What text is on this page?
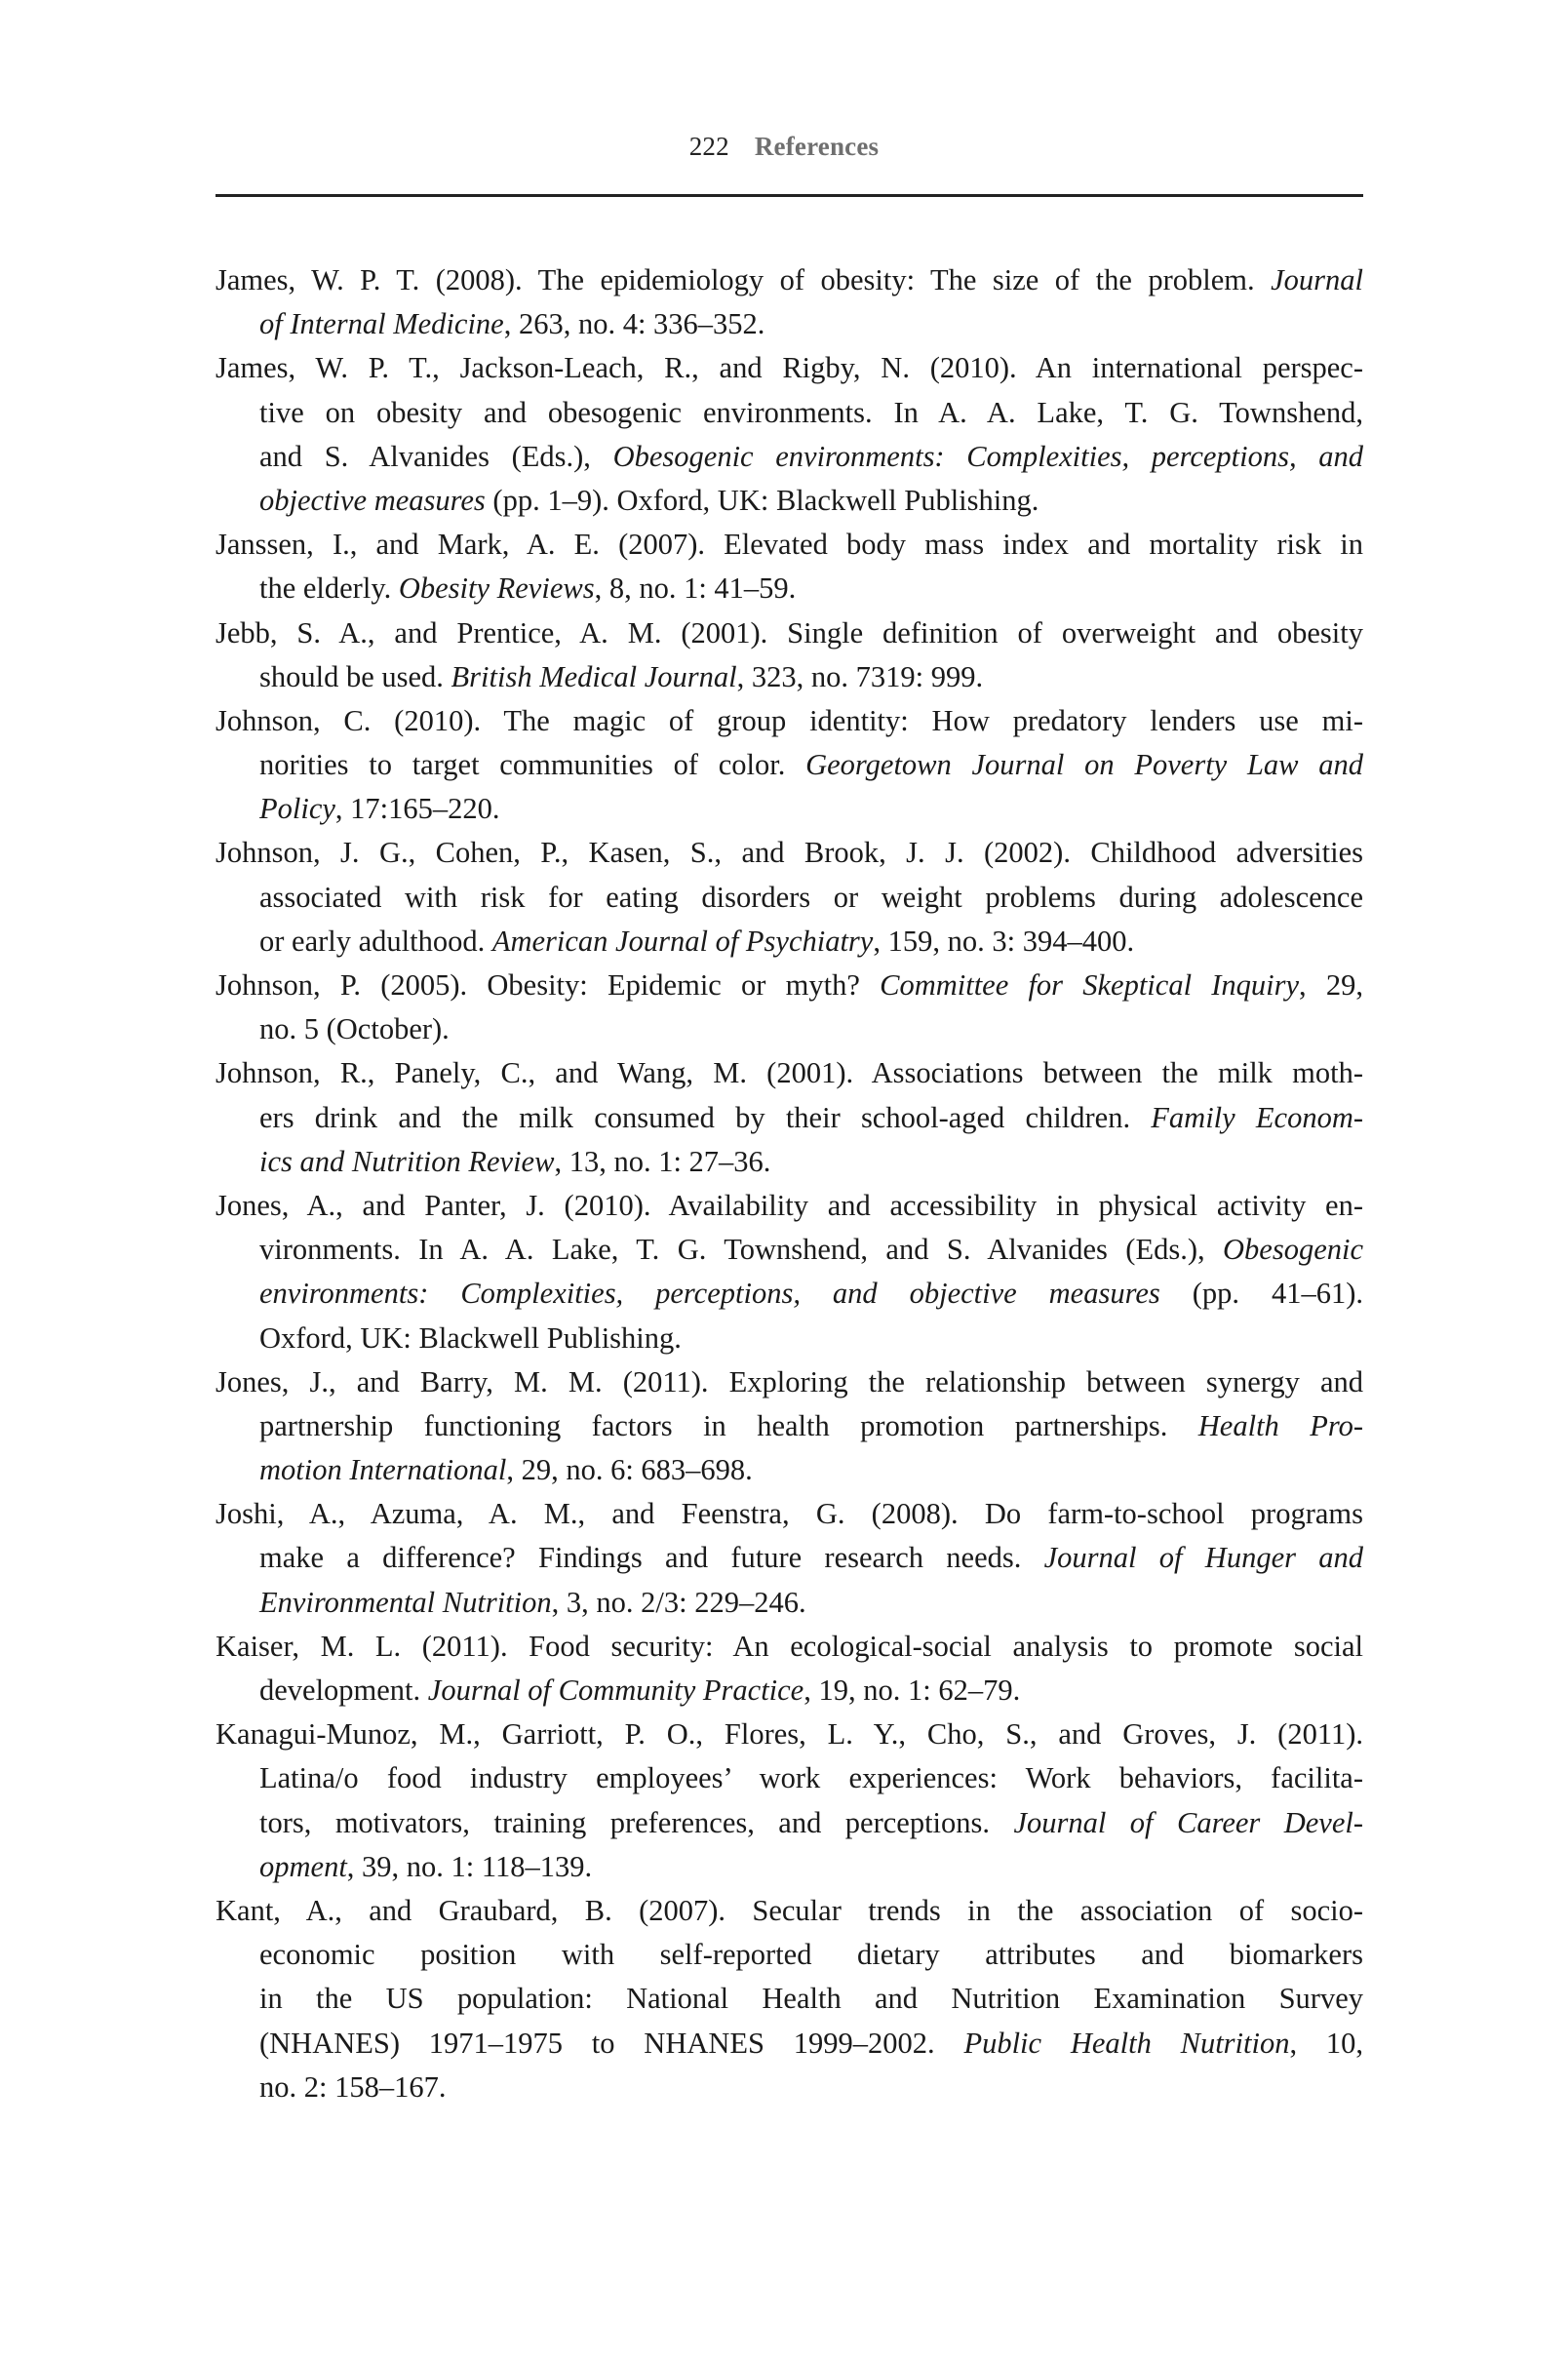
222 References
James, W. P. T. (2008). The epidemiology of obesity: The size of the problem. Journal
of Internal Medicine, 263, no. 4: 336–352.
James, W. P. T., Jackson-Leach, R., and Rigby, N. (2010). An international perspec-
tive on obesity and obesogenic environments. In A. A. Lake, T. G. Townshend,
and S. Alvanides (Eds.), Obesogenic environments: Complexities, perceptions, and
objective measures (pp. 1–9). Oxford, UK: Blackwell Publishing.
Janssen, I., and Mark, A. E. (2007). Elevated body mass index and mortality risk in
the elderly. Obesity Reviews, 8, no. 1: 41–59.
Jebb, S. A., and Prentice, A. M. (2001). Single definition of overweight and obesity
should be used. British Medical Journal, 323, no. 7319: 999.
Johnson, C. (2010). The magic of group identity: How predatory lenders use mi-
norities to target communities of color. Georgetown Journal on Poverty Law and
Policy, 17:165–220.
Johnson, J. G., Cohen, P., Kasen, S., and Brook, J. J. (2002). Childhood adversities
associated with risk for eating disorders or weight problems during adolescence
or early adulthood. American Journal of Psychiatry, 159, no. 3: 394–400.
Johnson, P. (2005). Obesity: Epidemic or myth? Committee for Skeptical Inquiry, 29,
no. 5 (October).
Johnson, R., Panely, C., and Wang, M. (2001). Associations between the milk moth-
ers drink and the milk consumed by their school-aged children. Family Econom-
ics and Nutrition Review, 13, no. 1: 27–36.
Jones, A., and Panter, J. (2010). Availability and accessibility in physical activity en-
vironments. In A. A. Lake, T. G. Townshend, and S. Alvanides (Eds.), Obesogenic
environments: Complexities, perceptions, and objective measures (pp. 41–61).
Oxford, UK: Blackwell Publishing.
Jones, J., and Barry, M. M. (2011). Exploring the relationship between synergy and
partnership functioning factors in health promotion partnerships. Health Pro-
motion International, 29, no. 6: 683–698.
Joshi, A., Azuma, A. M., and Feenstra, G. (2008). Do farm-to-school programs
make a difference? Findings and future research needs. Journal of Hunger and
Environmental Nutrition, 3, no. 2/3: 229–246.
Kaiser, M. L. (2011). Food security: An ecological-social analysis to promote social
development. Journal of Community Practice, 19, no. 1: 62–79.
Kanagui-Munoz, M., Garriott, P. O., Flores, L. Y., Cho, S., and Groves, J. (2011).
Latina/o food industry employees’ work experiences: Work behaviors, facilita-
tors, motivators, training preferences, and perceptions. Journal of Career Devel-
opment, 39, no. 1: 118–139.
Kant, A., and Graubard, B. (2007). Secular trends in the association of socio-
economic position with self-reported dietary attributes and biomarkers
in the US population: National Health and Nutrition Examination Survey
(NHANES) 1971–1975 to NHANES 1999–2002. Public Health Nutrition, 10,
no. 2: 158–167.
